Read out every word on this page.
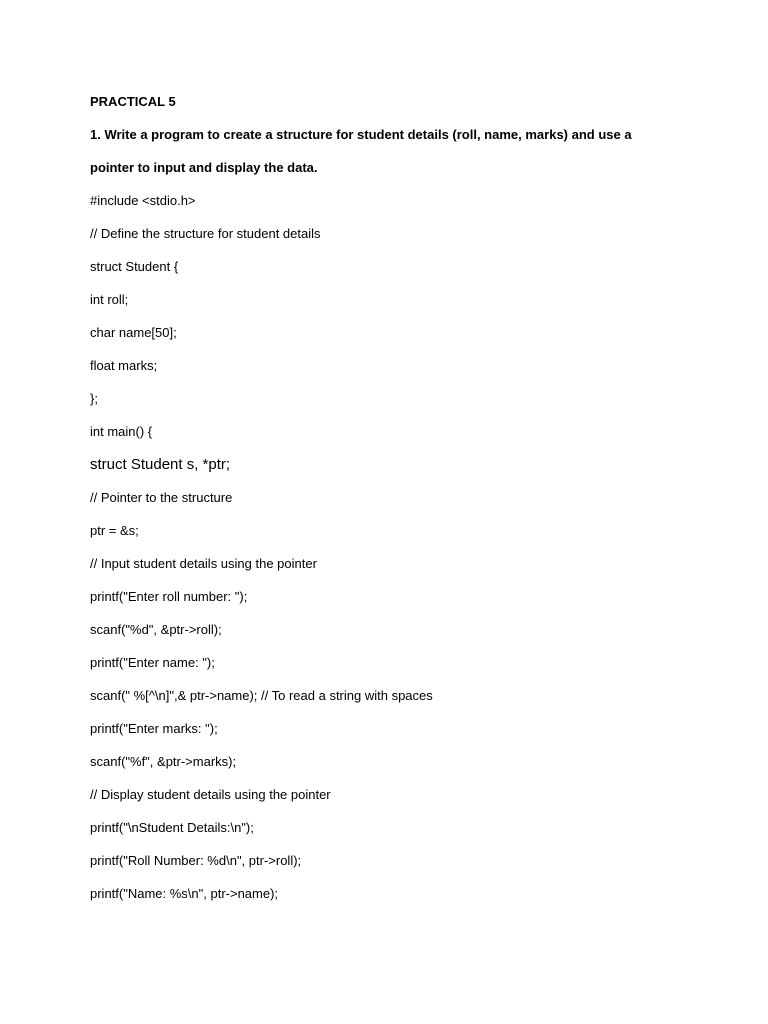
PRACTICAL 5
1. Write a program to create a structure for student details (roll, name, marks) and use a
pointer to input and display the data.
#include <stdio.h>
// Define the structure for student details
struct Student {
int roll;
char name[50];
float marks;
};
int main() {
struct Student s, *ptr;
// Pointer to the structure
ptr = &s;
// Input student details using the pointer
printf("Enter roll number: ");
scanf("%d", &ptr->roll);
printf("Enter name: ");
scanf(" %[^\n]",& ptr->name); // To read a string with spaces
printf("Enter marks: ");
scanf("%f", &ptr->marks);
// Display student details using the pointer
printf("\nStudent Details:\n");
printf("Roll Number: %d\n", ptr->roll);
printf("Name: %s\n", ptr->name);
